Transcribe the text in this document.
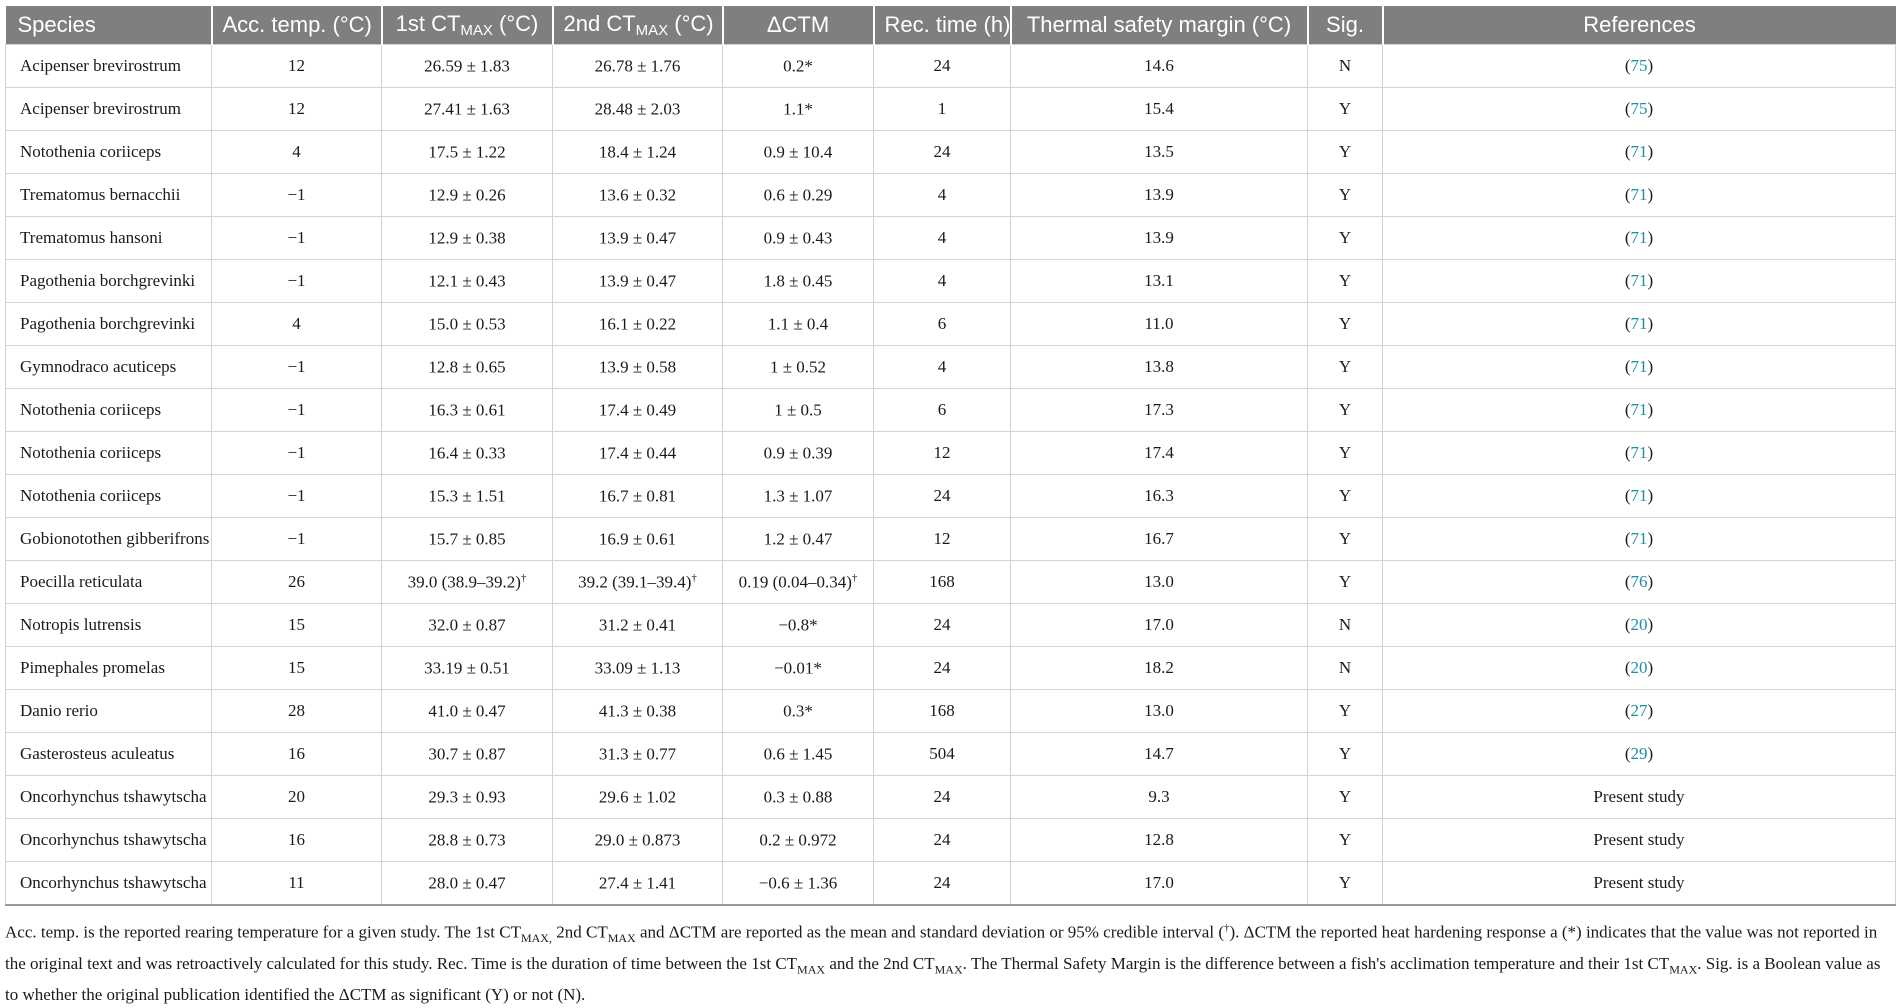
Species	Acc. temp. (°C)	1st $CT_{MAX}$ (°C)	2nd $CT_{MAX}$ (°C)	ΔCTM	Rec. time (h)	Thermal safety margin (°C)	Sig.	References
Acipenser brevirostrum	12	26.59 ± 1.83	26.78 ± 1.76	0.2*	24	14.6	N	(75)
Acipenser brevirostrum	12	27.41 ± 1.63	28.48 ± 2.03	1.1*	1	15.4	Y	(75)
Notothenia coriiceps	4	17.5 ± 1.22	18.4 ± 1.24	0.9 ± 10.4	24	13.5	Y	(71)
Trematomus bernacchii	−1	12.9 ± 0.26	13.6 ± 0.32	0.6 ± 0.29	4	13.9	Y	(71)
Trematomus hansoni	−1	12.9 ± 0.38	13.9 ± 0.47	0.9 ± 0.43	4	13.9	Y	(71)
Pagothenia borchgrevinki	−1	12.1 ± 0.43	13.9 ± 0.47	1.8 ± 0.45	4	13.1	Y	(71)
Pagothenia borchgrevinki	4	15.0 ± 0.53	16.1 ± 0.22	1.1 ± 0.4	6	11.0	Y	(71)
Gymnodraco acuticeps	−1	12.8 ± 0.65	13.9 ± 0.58	1 ± 0.52	4	13.8	Y	(71)
Notothenia coriiceps	−1	16.3 ± 0.61	17.4 ± 0.49	1 ± 0.5	6	17.3	Y	(71)
Notothenia coriiceps	−1	16.4 ± 0.33	17.4 ± 0.44	0.9 ± 0.39	12	17.4	Y	(71)
Notothenia coriiceps	−1	15.3 ± 1.51	16.7 ± 0.81	1.3 ± 1.07	24	16.3	Y	(71)
Gobionotothen gibberifrons	−1	15.7 ± 0.85	16.9 ± 0.61	1.2 ± 0.47	12	16.7	Y	(71)
Poecilla reticulata	26	39.0 (38.9–39.2)†	39.2 (39.1–39.4)†	0.19 (0.04–0.34)†	168	13.0	Y	(76)
Notropis lutrensis	15	32.0 ± 0.87	31.2 ± 0.41	−0.8*	24	17.0	N	(20)
Pimephales promelas	15	33.19 ± 0.51	33.09 ± 1.13	−0.01*	24	18.2	N	(20)
Danio rerio	28	41.0 ± 0.47	41.3 ± 0.38	0.3*	168	13.0	Y	(27)
Gasterosteus aculeatus	16	30.7 ± 0.87	31.3 ± 0.77	0.6 ± 1.45	504	14.7	Y	(29)
Oncorhynchus tshawytscha	20	29.3 ± 0.93	29.6 ± 1.02	0.3 ± 0.88	24	9.3	Y	Present study
Oncorhynchus tshawytscha	16	28.8 ± 0.73	29.0 ± 0.873	0.2 ± 0.972	24	12.8	Y	Present study
Oncorhynchus tshawytscha	11	28.0 ± 0.47	27.4 ± 1.41	−0.6 ± 1.36	24	17.0	Y	Present study
Acc. temp. is the reported rearing temperature for a given study. The 1st $CT_{MAX,}$ 2nd $CT_{MAX}$ and ΔCTM are reported as the mean and standard deviation or 95% credible interval (†). ΔCTM the reported heat hardening response a (*) indicates that the value was not reported in the original text and was retroactively calculated for this study. Rec. Time is the duration of time between the 1st $CT_{MAX}$ and the 2nd $CT_{MAX}$. The Thermal Safety Margin is the difference between a fish's acclimation temperature and their 1st $CT_{MAX}$. Sig. is a Boolean value as to whether the original publication identified the ΔCTM as significant (Y) or not (N).
